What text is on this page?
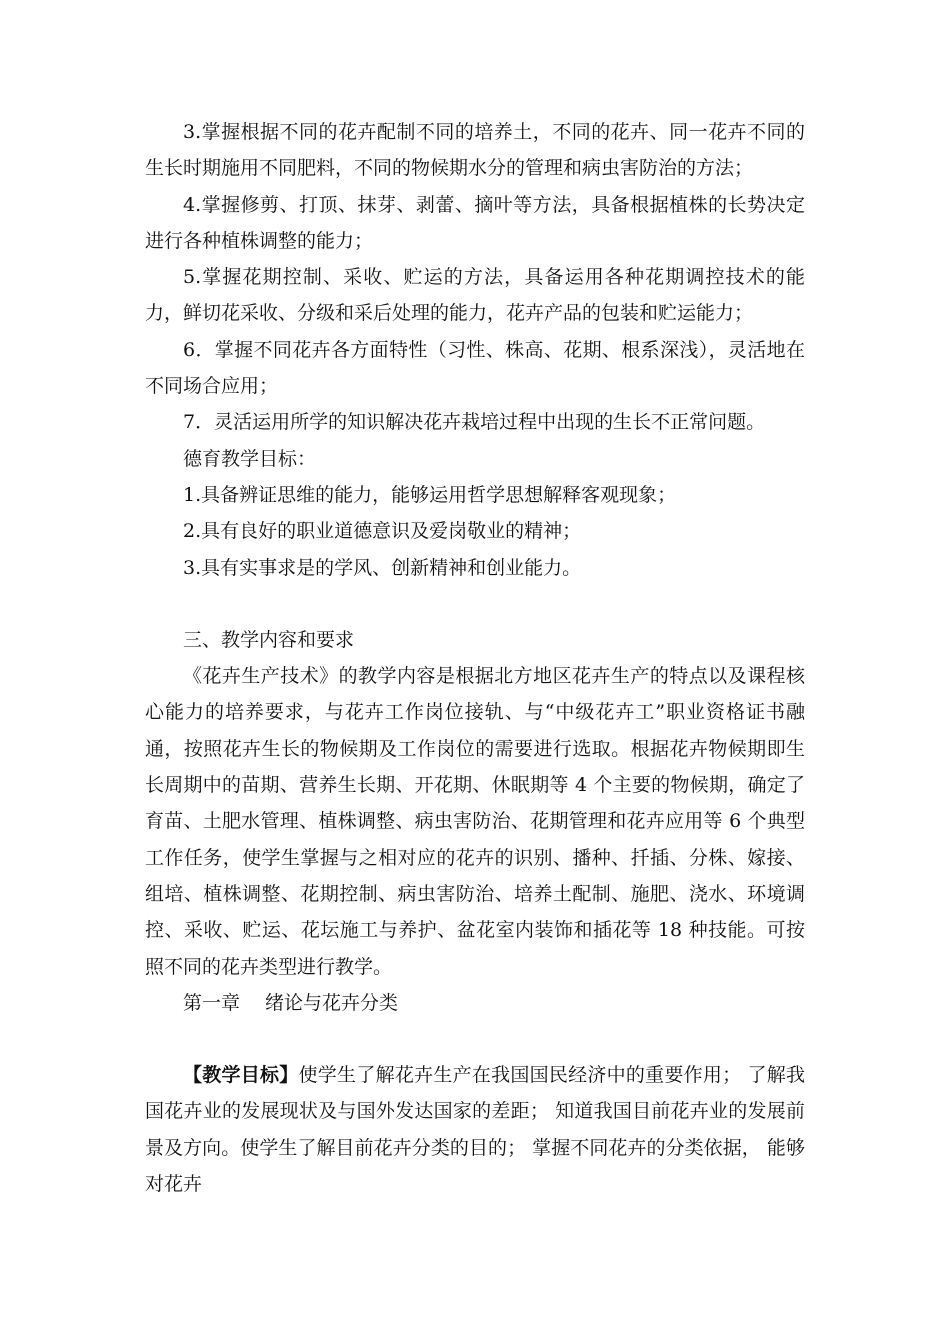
3.掌握根据不同的花卉配制不同的培养土，不同的花卉、同一花卉不同的生长时期施用不同肥料，不同的物候期水分的管理和病虫害防治的方法；

4.掌握修剪、打顶、抹芽、剥蕾、摘叶等方法，具备根据植株的长势决定进行各种植株调整的能力；

5.掌握花期控制、采收、贮运的方法，具备运用各种花期调控技术的能力，鲜切花采收、分级和采后处理的能力，花卉产品的包装和贮运能力；

6．掌握不同花卉各方面特性（习性、株高、花期、根系深浅），灵活地在不同场合应用；

7．灵活运用所学的知识解决花卉栽培过程中出现的生长不正常问题。

德育教学目标：

1.具备辨证思维的能力，能够运用哲学思想解释客观现象；

2.具有良好的职业道德意识及爱岗敬业的精神；

3.具有实事求是的学风、创新精神和创业能力。

三、教学内容和要求

《花卉生产技术》的教学内容是根据北方地区花卉生产的特点以及课程核心能力的培养要求，与花卉工作岗位接轨、与“中级花卉工”职业资格证书融通，按照花卉生长的物候期及工作岗位的需要进行选取。根据花卉物候期即生长周期中的苗期、营养生长期、开花期、休眠期等 4 个主要的物候期，确定了育苗、土肥水管理、植株调整、病虫害防治、花期管理和花卉应用等 6 个典型工作任务，使学生掌握与之相对应的花卉的识别、播种、扦插、分株、嫁接、组培、植株调整、花期控制、病虫害防治、培养土配制、施肥、浇水、环境调控、采收、贮运、花坛施工与养护、盆花室内装饰和插花等 18 种技能。可按照不同的花卉类型进行教学。

第一章　 绪论与花卉分类

【教学目标】使学生了解花卉生产在我国国民经济中的重要作用； 了解我国花卉业的发展现状及与国外发达国家的差距； 知道我国目前花卉业的发展前景及方向。使学生了解目前花卉分类的目的； 掌握不同花卉的分类依据， 能够对花卉
